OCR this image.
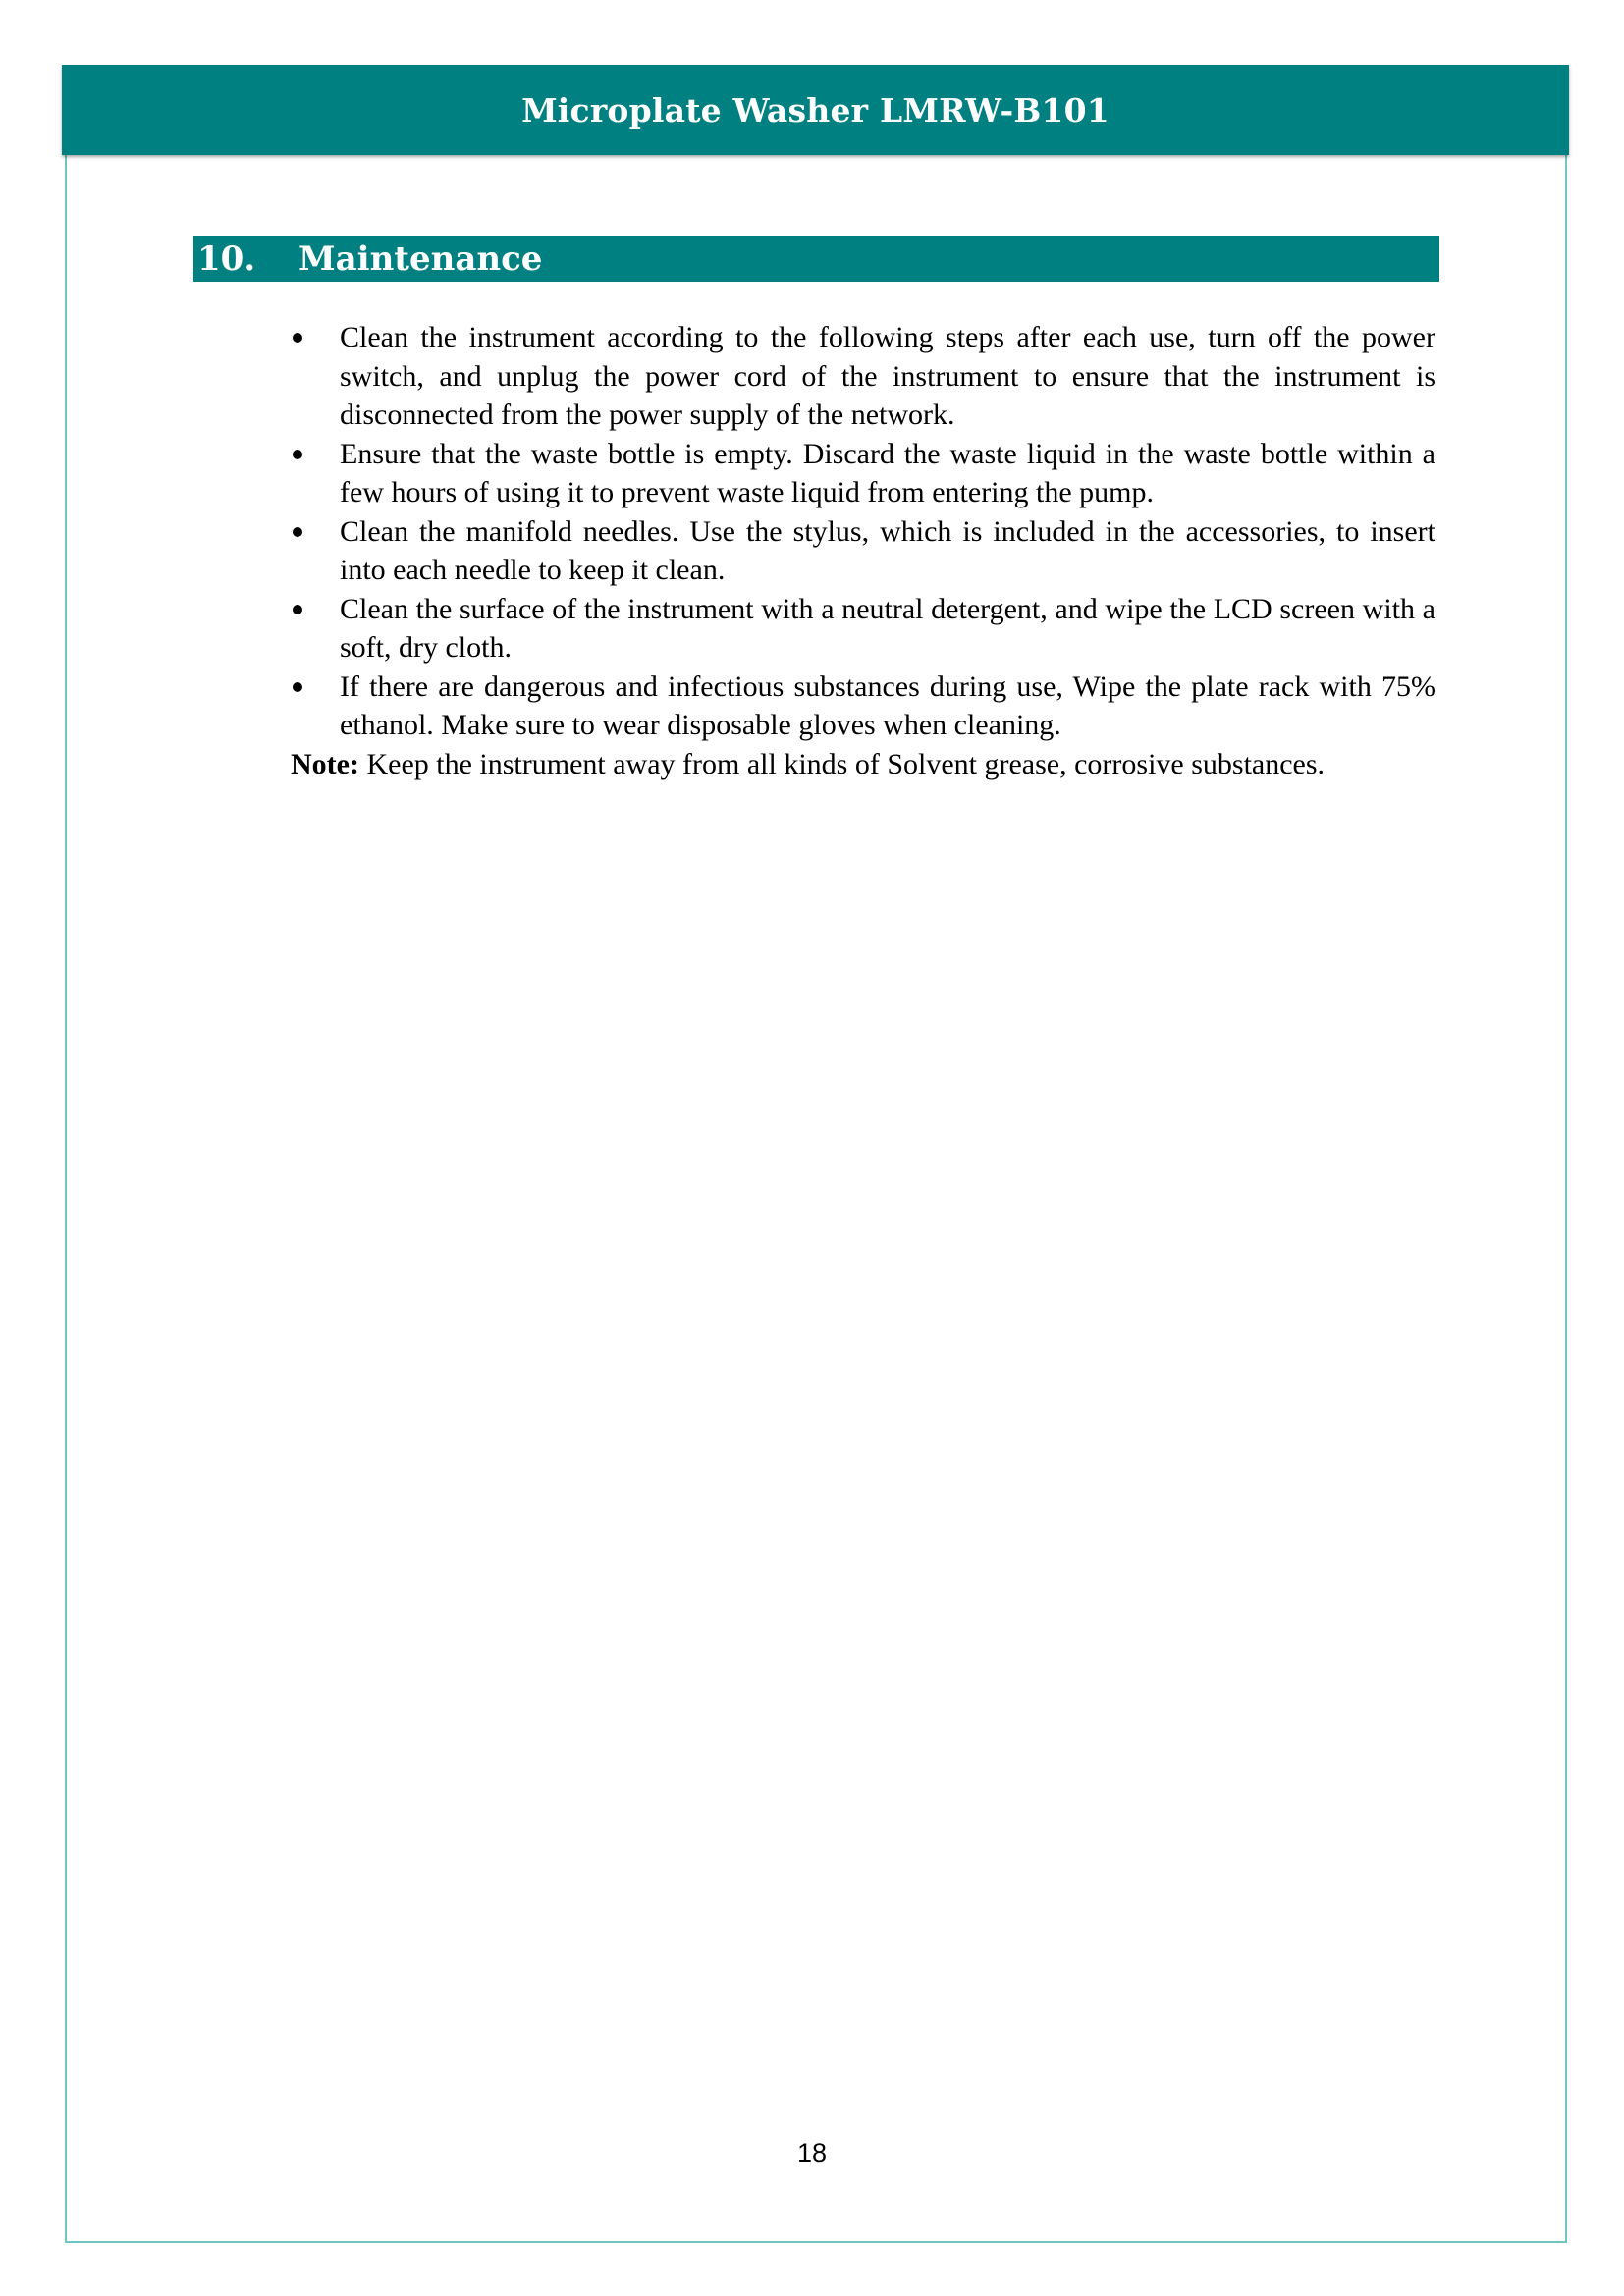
Microplate Washer LMRW-B101
10.	Maintenance
Clean the instrument according to the following steps after each use, turn off the power switch, and unplug the power cord of the instrument to ensure that the instrument is disconnected from the power supply of the network.
Ensure that the waste bottle is empty. Discard the waste liquid in the waste bottle within a few hours of using it to prevent waste liquid from entering the pump.
Clean the manifold needles. Use the stylus, which is included in the accessories, to insert into each needle to keep it clean.
Clean the surface of the instrument with a neutral detergent, and wipe the LCD screen with a soft, dry cloth.
If there are dangerous and infectious substances during use, Wipe the plate rack with 75% ethanol. Make sure to wear disposable gloves when cleaning.

Note: Keep the instrument away from all kinds of Solvent grease, corrosive substances.

18
